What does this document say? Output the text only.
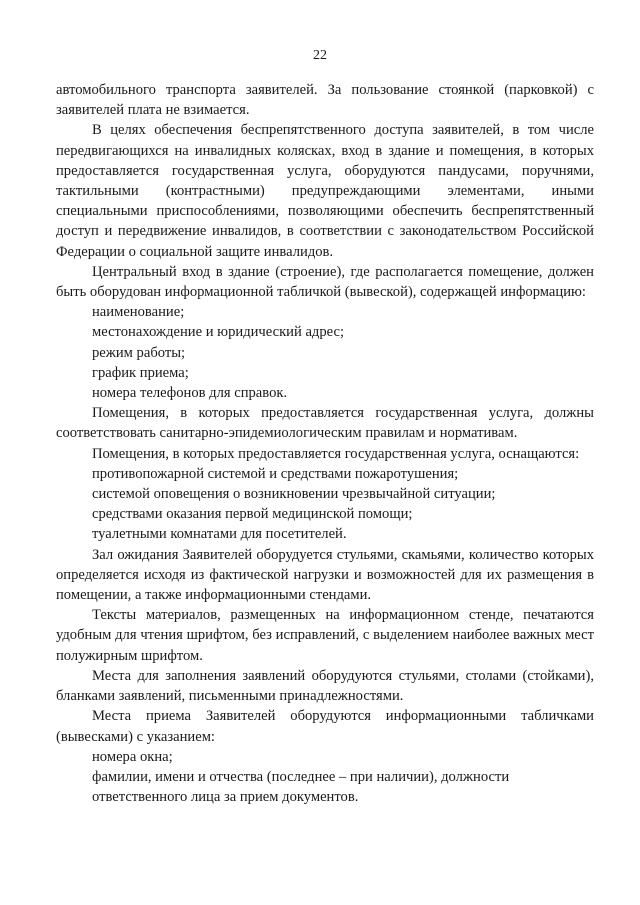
22

автомобильного транспорта заявителей. За пользование стоянкой (парковкой) с заявителей плата не взимается.

В целях обеспечения беспрепятственного доступа заявителей, в том числе передвигающихся на инвалидных колясках, вход в здание и помещения, в которых предоставляется государственная услуга, оборудуются пандусами, поручнями, тактильными (контрастными) предупреждающими элементами, иными специальными приспособлениями, позволяющими обеспечить беспрепятственный доступ и передвижение инвалидов, в соответствии с законодательством Российской Федерации о социальной защите инвалидов.

Центральный вход в здание (строение), где располагается помещение, должен быть оборудован информационной табличкой (вывеской), содержащей информацию:

наименование;

местонахождение и юридический адрес;

режим работы;

график приема;

номера телефонов для справок.

Помещения, в которых предоставляется государственная услуга, должны соответствовать санитарно-эпидемиологическим правилам и нормативам.

Помещения, в которых предоставляется государственная услуга, оснащаются:

противопожарной системой и средствами пожаротушения;

системой оповещения о возникновении чрезвычайной ситуации;

средствами оказания первой медицинской помощи;

туалетными комнатами для посетителей.

Зал ожидания Заявителей оборудуется стульями, скамьями, количество которых определяется исходя из фактической нагрузки и возможностей для их размещения в помещении, а также информационными стендами.

Тексты материалов, размещенных на информационном стенде, печатаются удобным для чтения шрифтом, без исправлений, с выделением наиболее важных мест полужирным шрифтом.

Места для заполнения заявлений оборудуются стульями, столами (стойками), бланками заявлений, письменными принадлежностями.

Места приема Заявителей оборудуются информационными табличками (вывесками) с указанием:

номера окна;

фамилии, имени и отчества (последнее – при наличии), должности

ответственного лица за прием документов.
